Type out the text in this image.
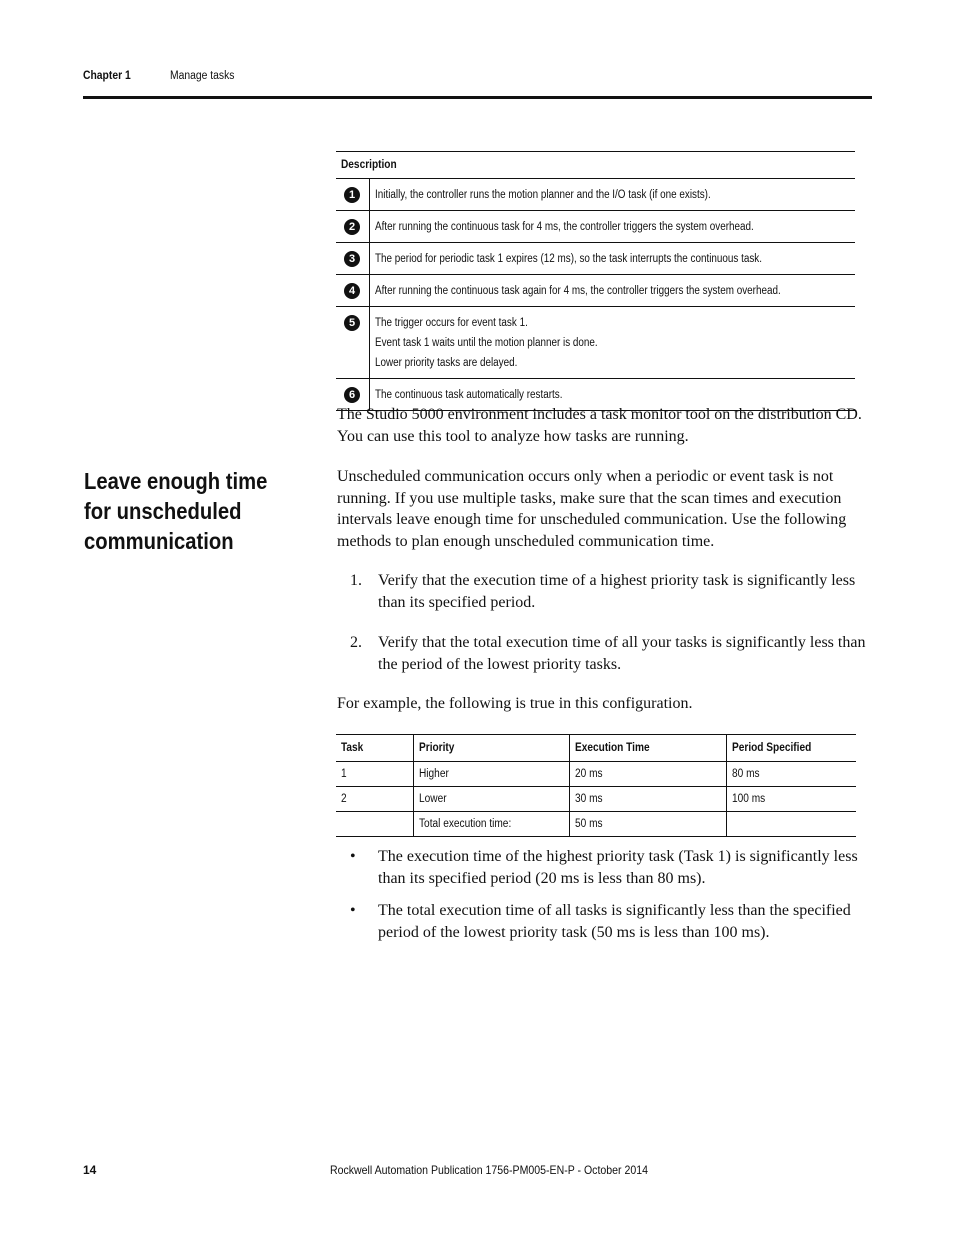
Chapter 1	Manage tasks
Description	
1	Initially, the controller runs the motion planner and the I/O task (if one exists).

2	After running the continuous task for 4 ms, the controller triggers the system overhead.

3	The period for periodic task 1 expires (12 ms), so the task interrupts the continuous task.

4	After running the continuous task again for 4 ms, the controller triggers the system overhead.

5	The trigger occurs for event task 1.
Event task 1 waits until the motion planner is done.
Lower priority tasks are delayed.

6	The continuous task automatically restarts.
The Studio 5000 environment includes a task monitor tool on the distribution CD. You can use this tool to analyze how tasks are running.
Leave enough time for unscheduled communication
Unscheduled communication occurs only when a periodic or event task is not running. If you use multiple tasks, make sure that the scan times and execution intervals leave enough time for unscheduled communication. Use the following methods to plan enough unscheduled communication time.
1. Verify that the execution time of a highest priority task is significantly less than its specified period.
2. Verify that the total execution time of all your tasks is significantly less than the period of the lowest priority tasks.
For example, the following is true in this configuration.
Task	Priority	Execution Time	Period Specified
1	Higher	20 ms	80 ms
2	Lower	30 ms	100 ms
	Total execution time:	50 ms	
• The execution time of the highest priority task (Task 1) is significantly less than its specified period (20 ms is less than 80 ms).
• The total execution time of all tasks is significantly less than the specified period of the lowest priority task (50 ms is less than 100 ms).
14	Rockwell Automation Publication 1756-PM005-EN-P - October 2014
